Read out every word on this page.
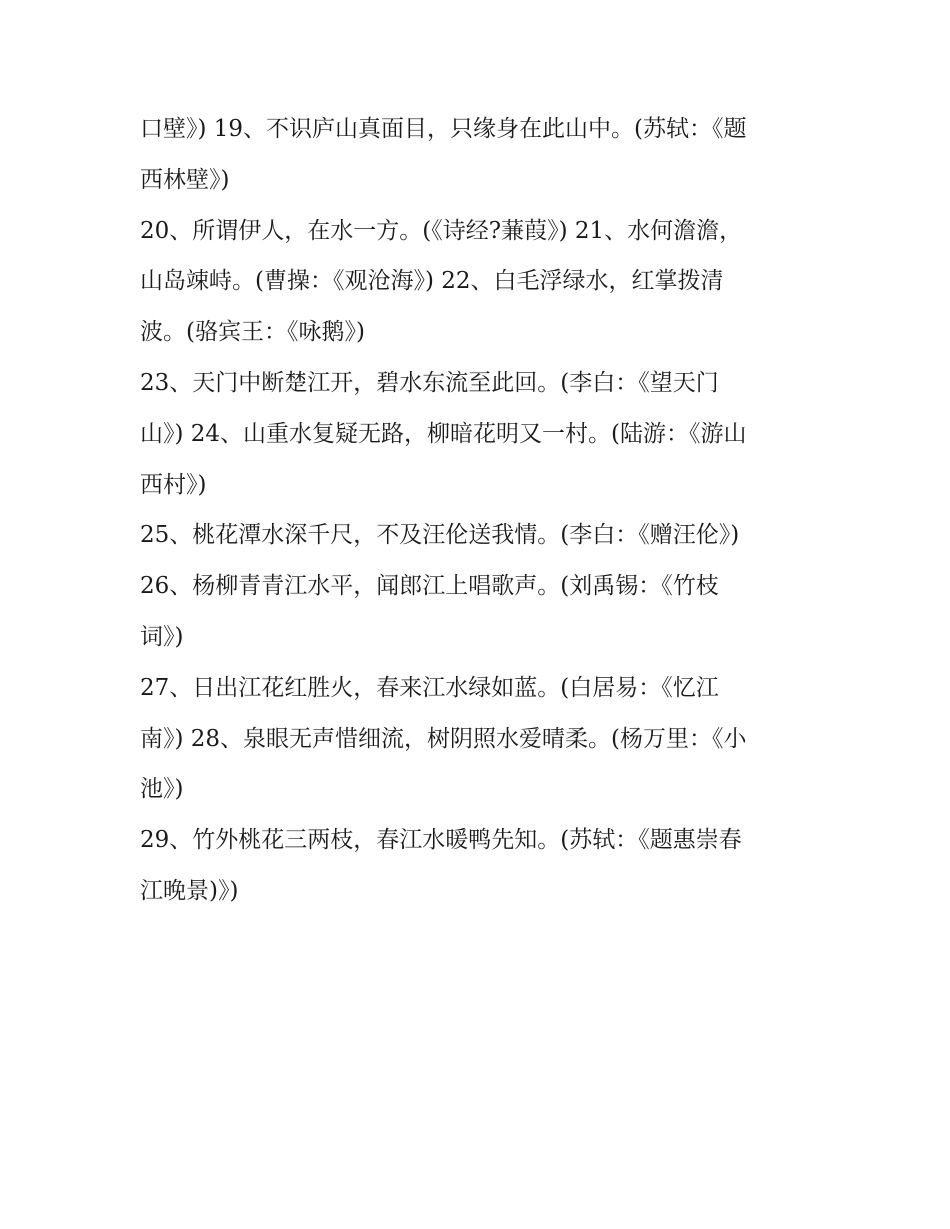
口壁》) 19、不识庐山真面目，只缘身在此山中。(苏轼：《题
西林壁》)
20、所谓伊人，在水一方。(《诗经?蒹葭》) 21、水何澹澹，
山岛竦峙。(曹操：《观沧海》) 22、白毛浮绿水，红掌拨清
波。(骆宾王：《咏鹅》)
23、天门中断楚江开，碧水东流至此回。(李白：《望天门
山》) 24、山重水复疑无路，柳暗花明又一村。(陆游：《游山
西村》)
25、桃花潭水深千尺，不及汪伦送我情。(李白：《赠汪伦》)
26、杨柳青青江水平，闻郎江上唱歌声。(刘禹锡：《竹枝
词》)
27、日出江花红胜火，春来江水绿如蓝。(白居易：《忆江
南》) 28、泉眼无声惜细流，树阴照水爱晴柔。(杨万里：《小
池》)
29、竹外桃花三两枝，春江水暖鸭先知。(苏轼：《题惠崇春
江晚景)》)
